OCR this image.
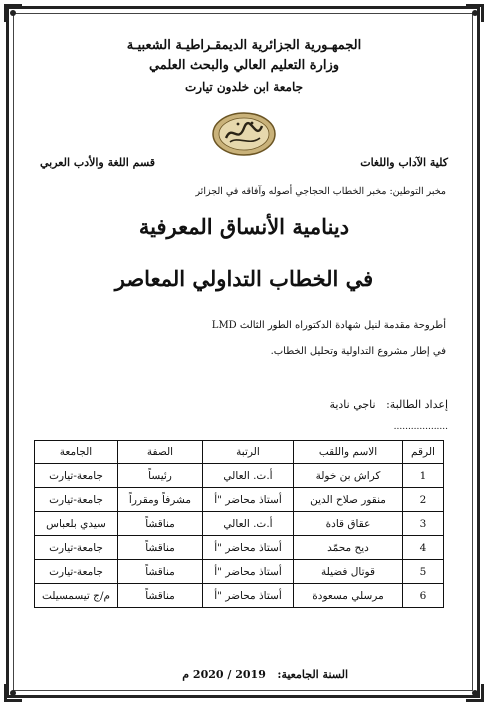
الجمهـورية الجزائرية الديمقـراطيـة الشعبيـة
وزارة التعليم العالي والبحث العلمي
جامعة ابن خلدون تيارت
كلية الآداب واللغات
قسم اللغة والأدب العربي
مخبر التوطين: مخبر الخطاب الحجاجي أصوله وآفاقه في الجزائر
دينامية الأنساق المعرفية
في الخطاب التداولي المعاصر
أطروحة مقدمة لنيل شهادة الدكتوراه الطور الثالث LMD
في إطار مشروع التداولية وتحليل الخطاب.
إعداد الطالبة:   ناجي نادية
...................
الرقم	الاسم واللقب	الرتبة	الصفة	الجامعة
1	كراش بن خولة	أ.ت. العالي	رئيساً	جامعة-تيارت
2	منقور صلاح الدين	أستاذ محاضر "أ	مشرفاً ومقرراً	جامعة-تيارت
3	عقاق قادة	أ.ت. العالي	مناقشاً	سيدي بلعباس
4	ديح محمّد	أستاذ محاضر "أ	مناقشاً	جامعة-تيارت
5	قوتال فضيلة	أستاذ محاضر "أ	مناقشاً	جامعة-تيارت
6	مرسلي مسعودة	أستاذ محاضر "أ	مناقشاً	م/ج تيسمسيلت
السنة الجامعية:   2019 / 2020 م
